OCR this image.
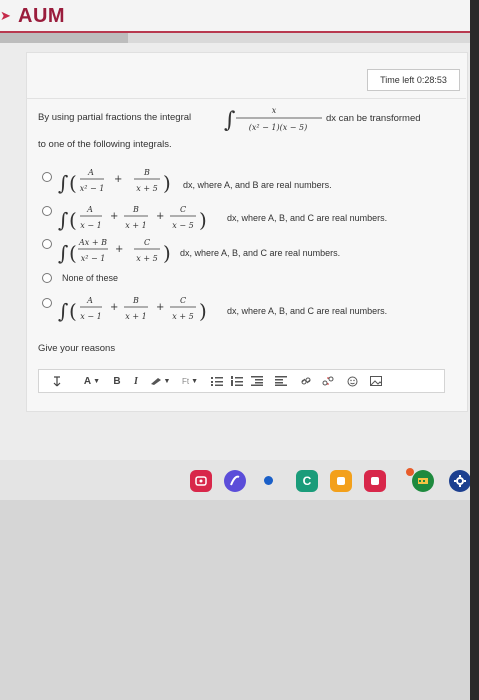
➤ AUM
Time left 0:28:53
By using partial fractions the integral ∫	x
(x² − 1)(x − 5)
dx can be transformed
to one of the following integrals.
∫ ( A
x² − 1
+
B
x + 5 ) dx, where A, and B are real numbers.
∫ ( A
x − 1
+
B
x + 1
+
C
x − 5 ) dx, where A, B, and C are real numbers.
∫ ( Ax + B
x² − 1
+
C
x + 5 ) dx, where A, B, and C are real numbers.
None of these
∫ ( A
x − 1
+
B
x + 1
+
C
x + 5 ) dx, where A, B, and C are real numbers.
Give your reasons
A ▼	B	I	▼ Ft ▼
C
